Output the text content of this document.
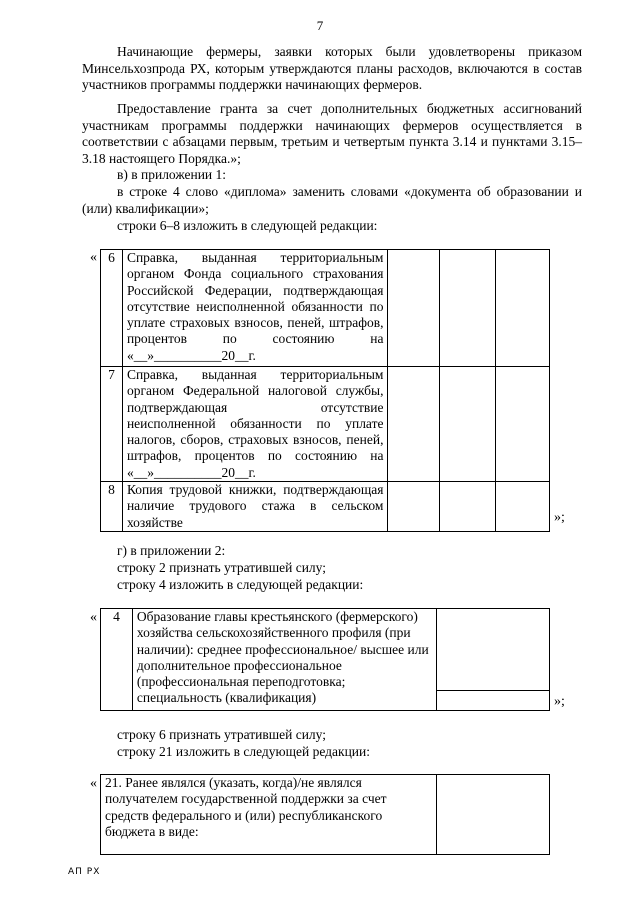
7
Начинающие фермеры, заявки которых были удовлетворены приказом Минсельхозпрода РХ, которым утверждаются планы расходов, включаются в состав участников программы поддержки начинающих фермеров.
Предоставление гранта за счет дополнительных бюджетных ассигнований участникам программы поддержки начинающих фермеров осуществляется в соответствии с абзацами первым, третьим и четвертым пункта 3.14 и пунктами 3.15–3.18 настоящего Порядка.»;
в) в приложении 1:
в строке 4 слово «диплома» заменить словами «документа об образовании и (или) квалификации»;
строки 6–8 изложить в следующей редакции:
« 6	Справка, выданная территориальным органом Фонда социального страхования Российской Федерации, подтверждающая отсутствие неисполненной обязанности по уплате страховых взносов, пеней, штрафов, процентов по состоянию на «__»__________20__г.			
7	Справка, выданная территориальным органом Федеральной налоговой службы, подтверждающая отсутствие неисполненной обязанности по уплате налогов, сборов, страховых взносов, пеней, штрафов, процентов по состоянию на «__»__________20__г.			
8	Копия трудовой книжки, подтверждающая наличие трудового стажа в сельском хозяйстве				»;
г) в приложении 2:
строку 2 признать утратившей силу;
строку 4 изложить в следующей редакции:
« 4	Образование главы крестьянского (фермерского) хозяйства сельскохозяйственного профиля (при наличии): среднее профессиональное/ высшее или дополнительное профессиональное (профессиональная переподготовка; специальность (квалификация)		»;
строку 6 признать утратившей силу;
строку 21 изложить в следующей редакции:
« 21. Ранее являлся (указать, когда)/не являлся получателем государственной поддержки за счет средств федерального и (или) республиканского бюджета в виде:	
АП РХ
